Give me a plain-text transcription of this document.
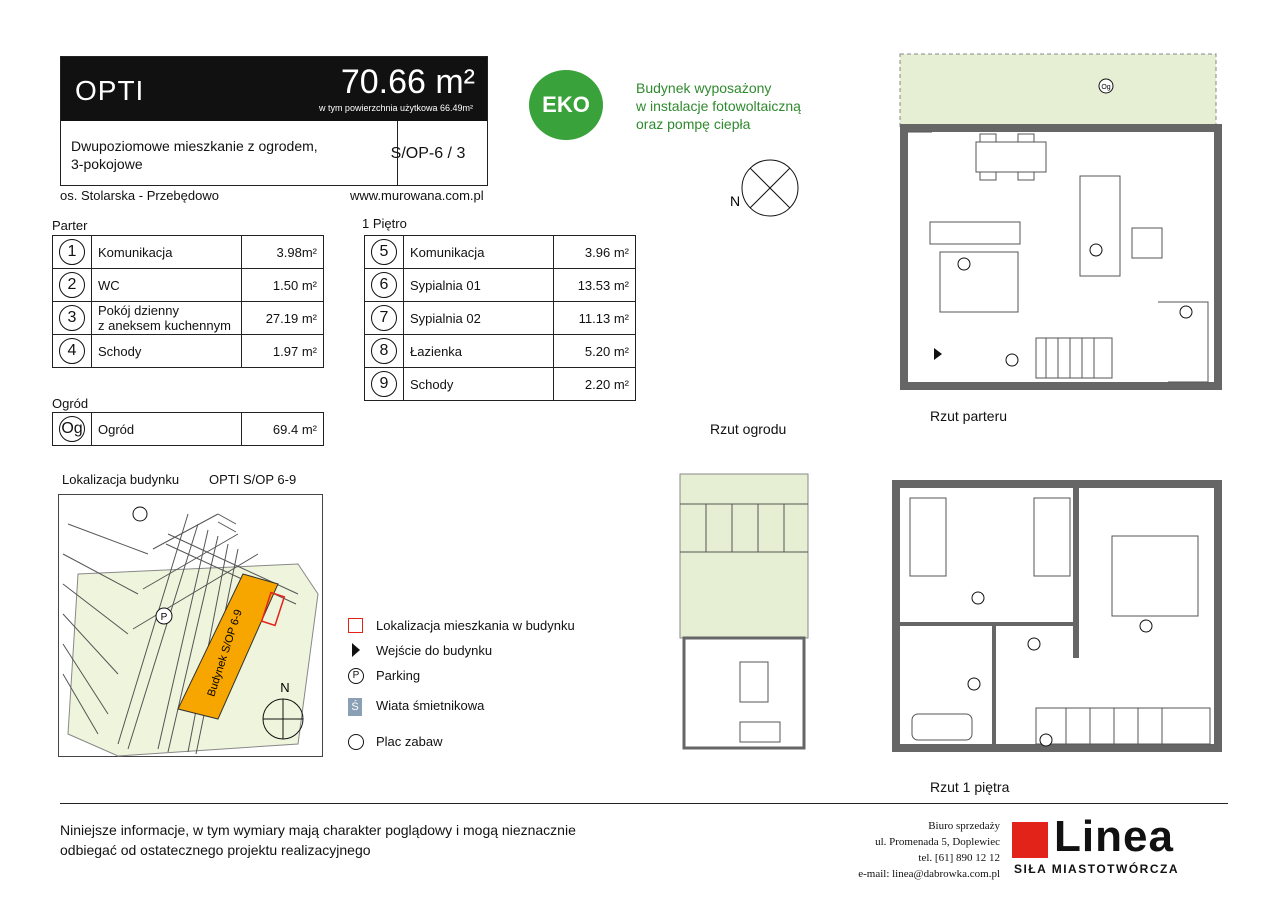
OPTI	70.66 m²
w tym powierzchnia użytkowa 66.49m²
Dwupoziomowe mieszkanie z ogrodem,
3-pokojowe
S/OP-6 / 3
os. Stolarska - Przebędowo	www.murowana.com.pl
EKO
Budynek wyposażony
w instalacje fotowoltaiczną
oraz pompę ciepła
Parter	1 Piętro
Ogród
1	Komunikacja	3.98m²
2	WC	1.50 m²
3	Pokój dzienny
z aneksem kuchennym	27.19 m²
4	Schody	1.97 m²
5	Komunikacja	3.96 m²
6	Sypialnia 01	13.53 m²
7	Sypialnia 02	11.13 m²
8	Łazienka	5.20 m²
9	Schody	2.20 m²
Og	Ogród	69.4 m²
Lokalizacja budynku OPTI S/OP 6-9
Budynek S/OP 6-9
P
N
Lokalizacja mieszkania w budynku
Wejście do budynku
P	Parking
Ś Wiata śmietnikowa
Plac zabaw
N
Og
Rzut ogrodu
Rzut parteru
Rzut 1 piętra
Niniejsze informacje, w tym wymiary mają charakter poglądowy i mogą nieznacznie
odbiegać od ostatecznego projektu realizacyjnego
Biuro sprzedaży
ul. Promenada 5, Doplewiec
tel. [61] 890 12 12
e-mail: linea@dabrowka.com.pl
Linea
SIŁA MIASTOTWÓRCZA
